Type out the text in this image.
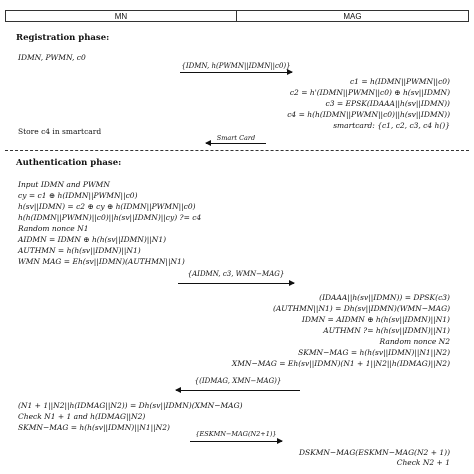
MN	MAG
Registration phase:
IDMN, PWMN, c0
{IDMN, h(PWMN||IDMN||c0)}
c1 = h(IDMN||PWMN||c0)
c2 = h'(IDMN||PWMN||c0) ⊕ h(sv||IDMN)
c3 = EPSK(IDAAA||h(sv||IDMN))
c4 = h(h(IDMN||PWMN||c0)||h(sv||IDMN))
smartcard: {c1, c2, c3, c4 h()}
Store c4 in smartcard
Smart Card
Authentication phase:
Input IDMN and PWMN
cy = c1 ⊕ h(IDMN||PWMN||c0)
h(sv||IDMN) = c2 ⊕ cy ⊕ h(IDMN||PWMN||c0)
h(h(IDMN||PWMN)||c0)||h(sv||IDMN)||cy) ?= c4
Random nonce N1
AIDMN = IDMN ⊕ h(h(sv||IDMN)||N1)
AUTHMN = h(h(sv||IDMN)||N1)
WMN MAG = Eh(sv||IDMN)(AUTHMN||N1)
{AIDMN, c3, WMN−MAG}
(IDAAA||h(sv||IDMN)) = DPSK(c3)
(AUTHMN||N1) = Dh(sv||IDMN)(WMN−MAG)
IDMN = AIDMN ⊕ h(h(sv||IDMN)||N1)
AUTHMN ?= h(h(sv||IDMN)||N1)
Random nonce N2
SKMN−MAG = h(h(sv||IDMN)||N1||N2)
XMN−MAG = Eh(sv||IDMN)(N1 + 1||N2||h(IDMAG)||N2)
{(IDMAG, XMN−MAG)}
(N1 + 1||N2||h(IDMAG||N2)) = Dh(sv||IDMN)(XMN−MAG)
Check N1 + 1 and h(IDMAG||N2)
SKMN−MAG = h(h(sv||IDMN)||N1||N2)
{ESKMN−MAG(N2+1)}
DSKMN−MAG(ESKMN−MAG(N2 + 1))
Check N2 + 1
